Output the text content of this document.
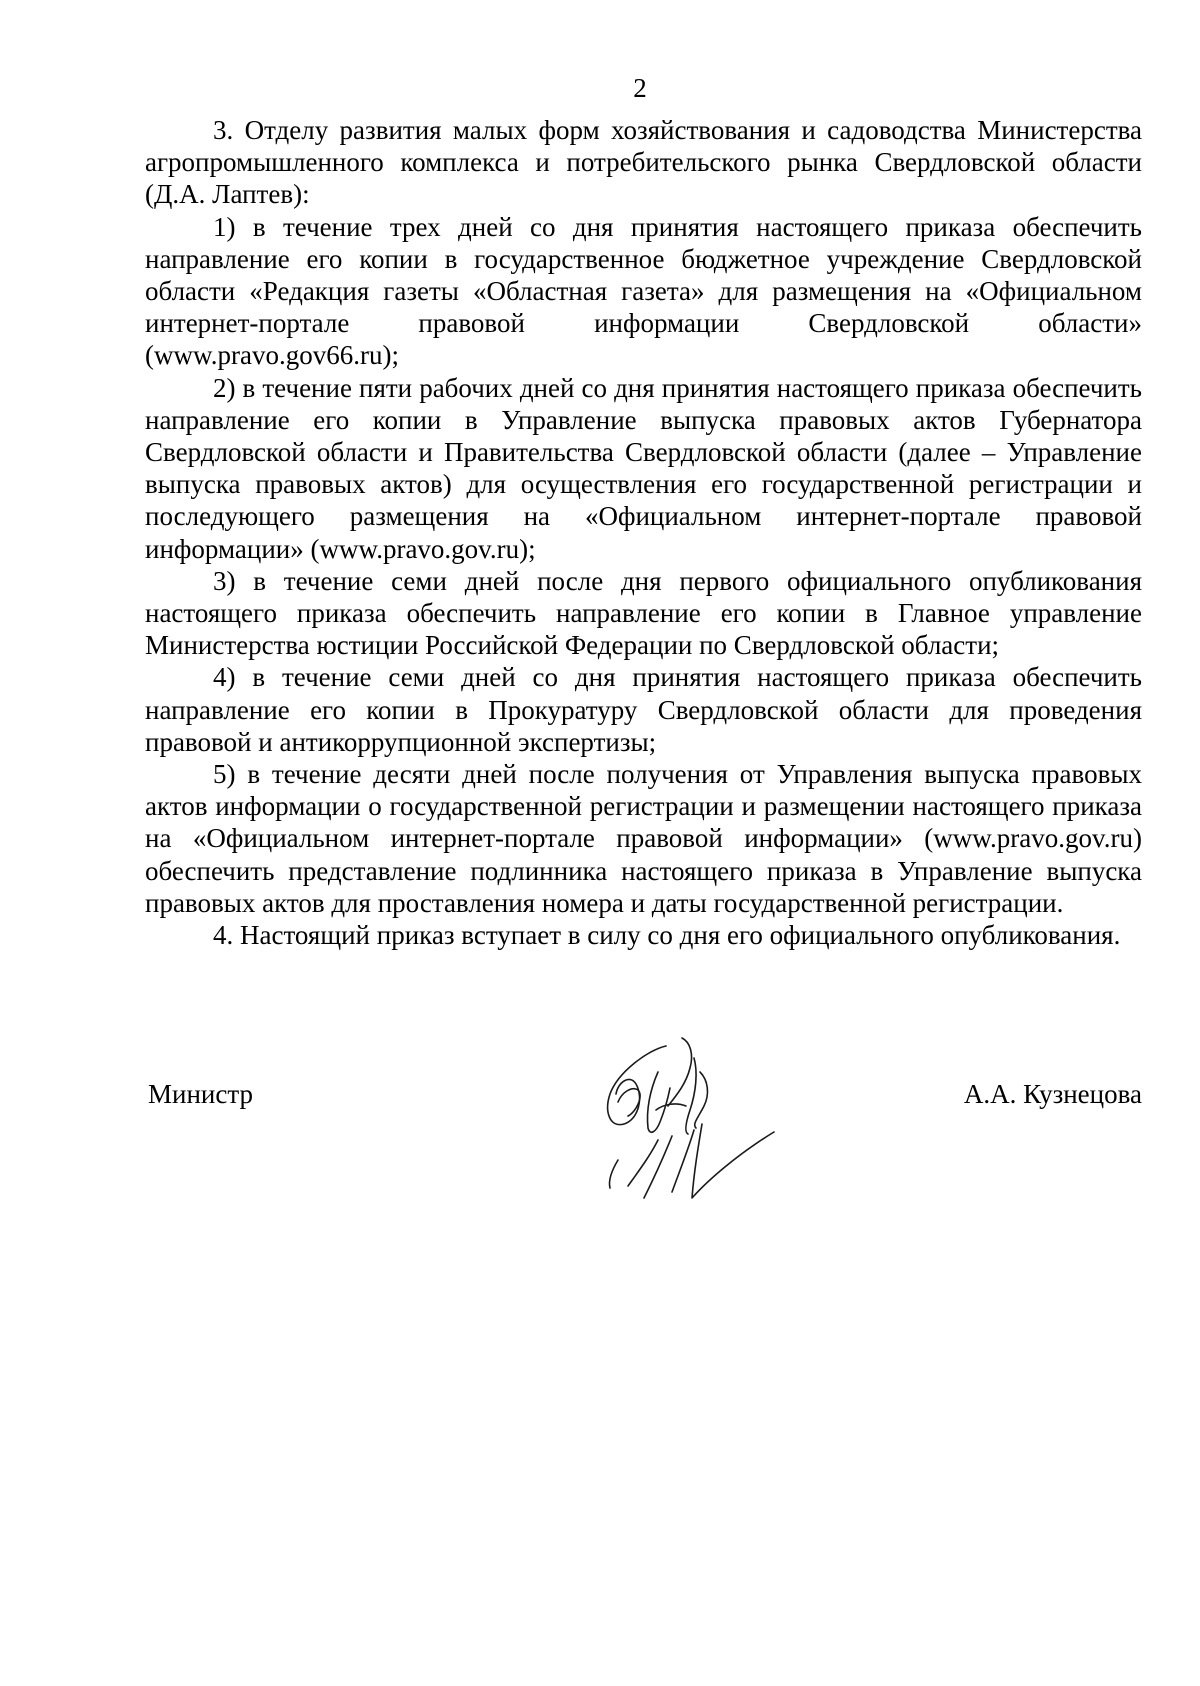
2

3. Отделу развития малых форм хозяйствования и садоводства Министерства агропромышленного комплекса и потребительского рынка Свердловской области (Д.А. Лаптев):

1) в течение трех дней со дня принятия настоящего приказа обеспечить направление его копии в государственное бюджетное учреждение Свердловской области «Редакция газеты «Областная газета» для размещения на «Официальном интернет-портале правовой информации Свердловской области» (www.pravo.gov66.ru);

2) в течение пяти рабочих дней со дня принятия настоящего приказа обеспечить направление его копии в Управление выпуска правовых актов Губернатора Свердловской области и Правительства Свердловской области (далее – Управление выпуска правовых актов) для осуществления его государственной регистрации и последующего размещения на «Официальном интернет-портале правовой информации» (www.pravo.gov.ru);

3) в течение семи дней после дня первого официального опубликования настоящего приказа обеспечить направление его копии в Главное управление Министерства юстиции Российской Федерации по Свердловской области;

4) в течение семи дней со дня принятия настоящего приказа обеспечить направление его копии в Прокуратуру Свердловской области для проведения правовой и антикоррупционной экспертизы;

5) в течение десяти дней после получения от Управления выпуска правовых актов информации о государственной регистрации и размещении настоящего приказа на «Официальном интернет-портале правовой информации» (www.pravo.gov.ru) обеспечить представление подлинника настоящего приказа в Управление выпуска правовых актов для проставления номера и даты государственной регистрации.

4. Настоящий приказ вступает в силу со дня его официального опубликования.

Министр	А.А. Кузнецова
